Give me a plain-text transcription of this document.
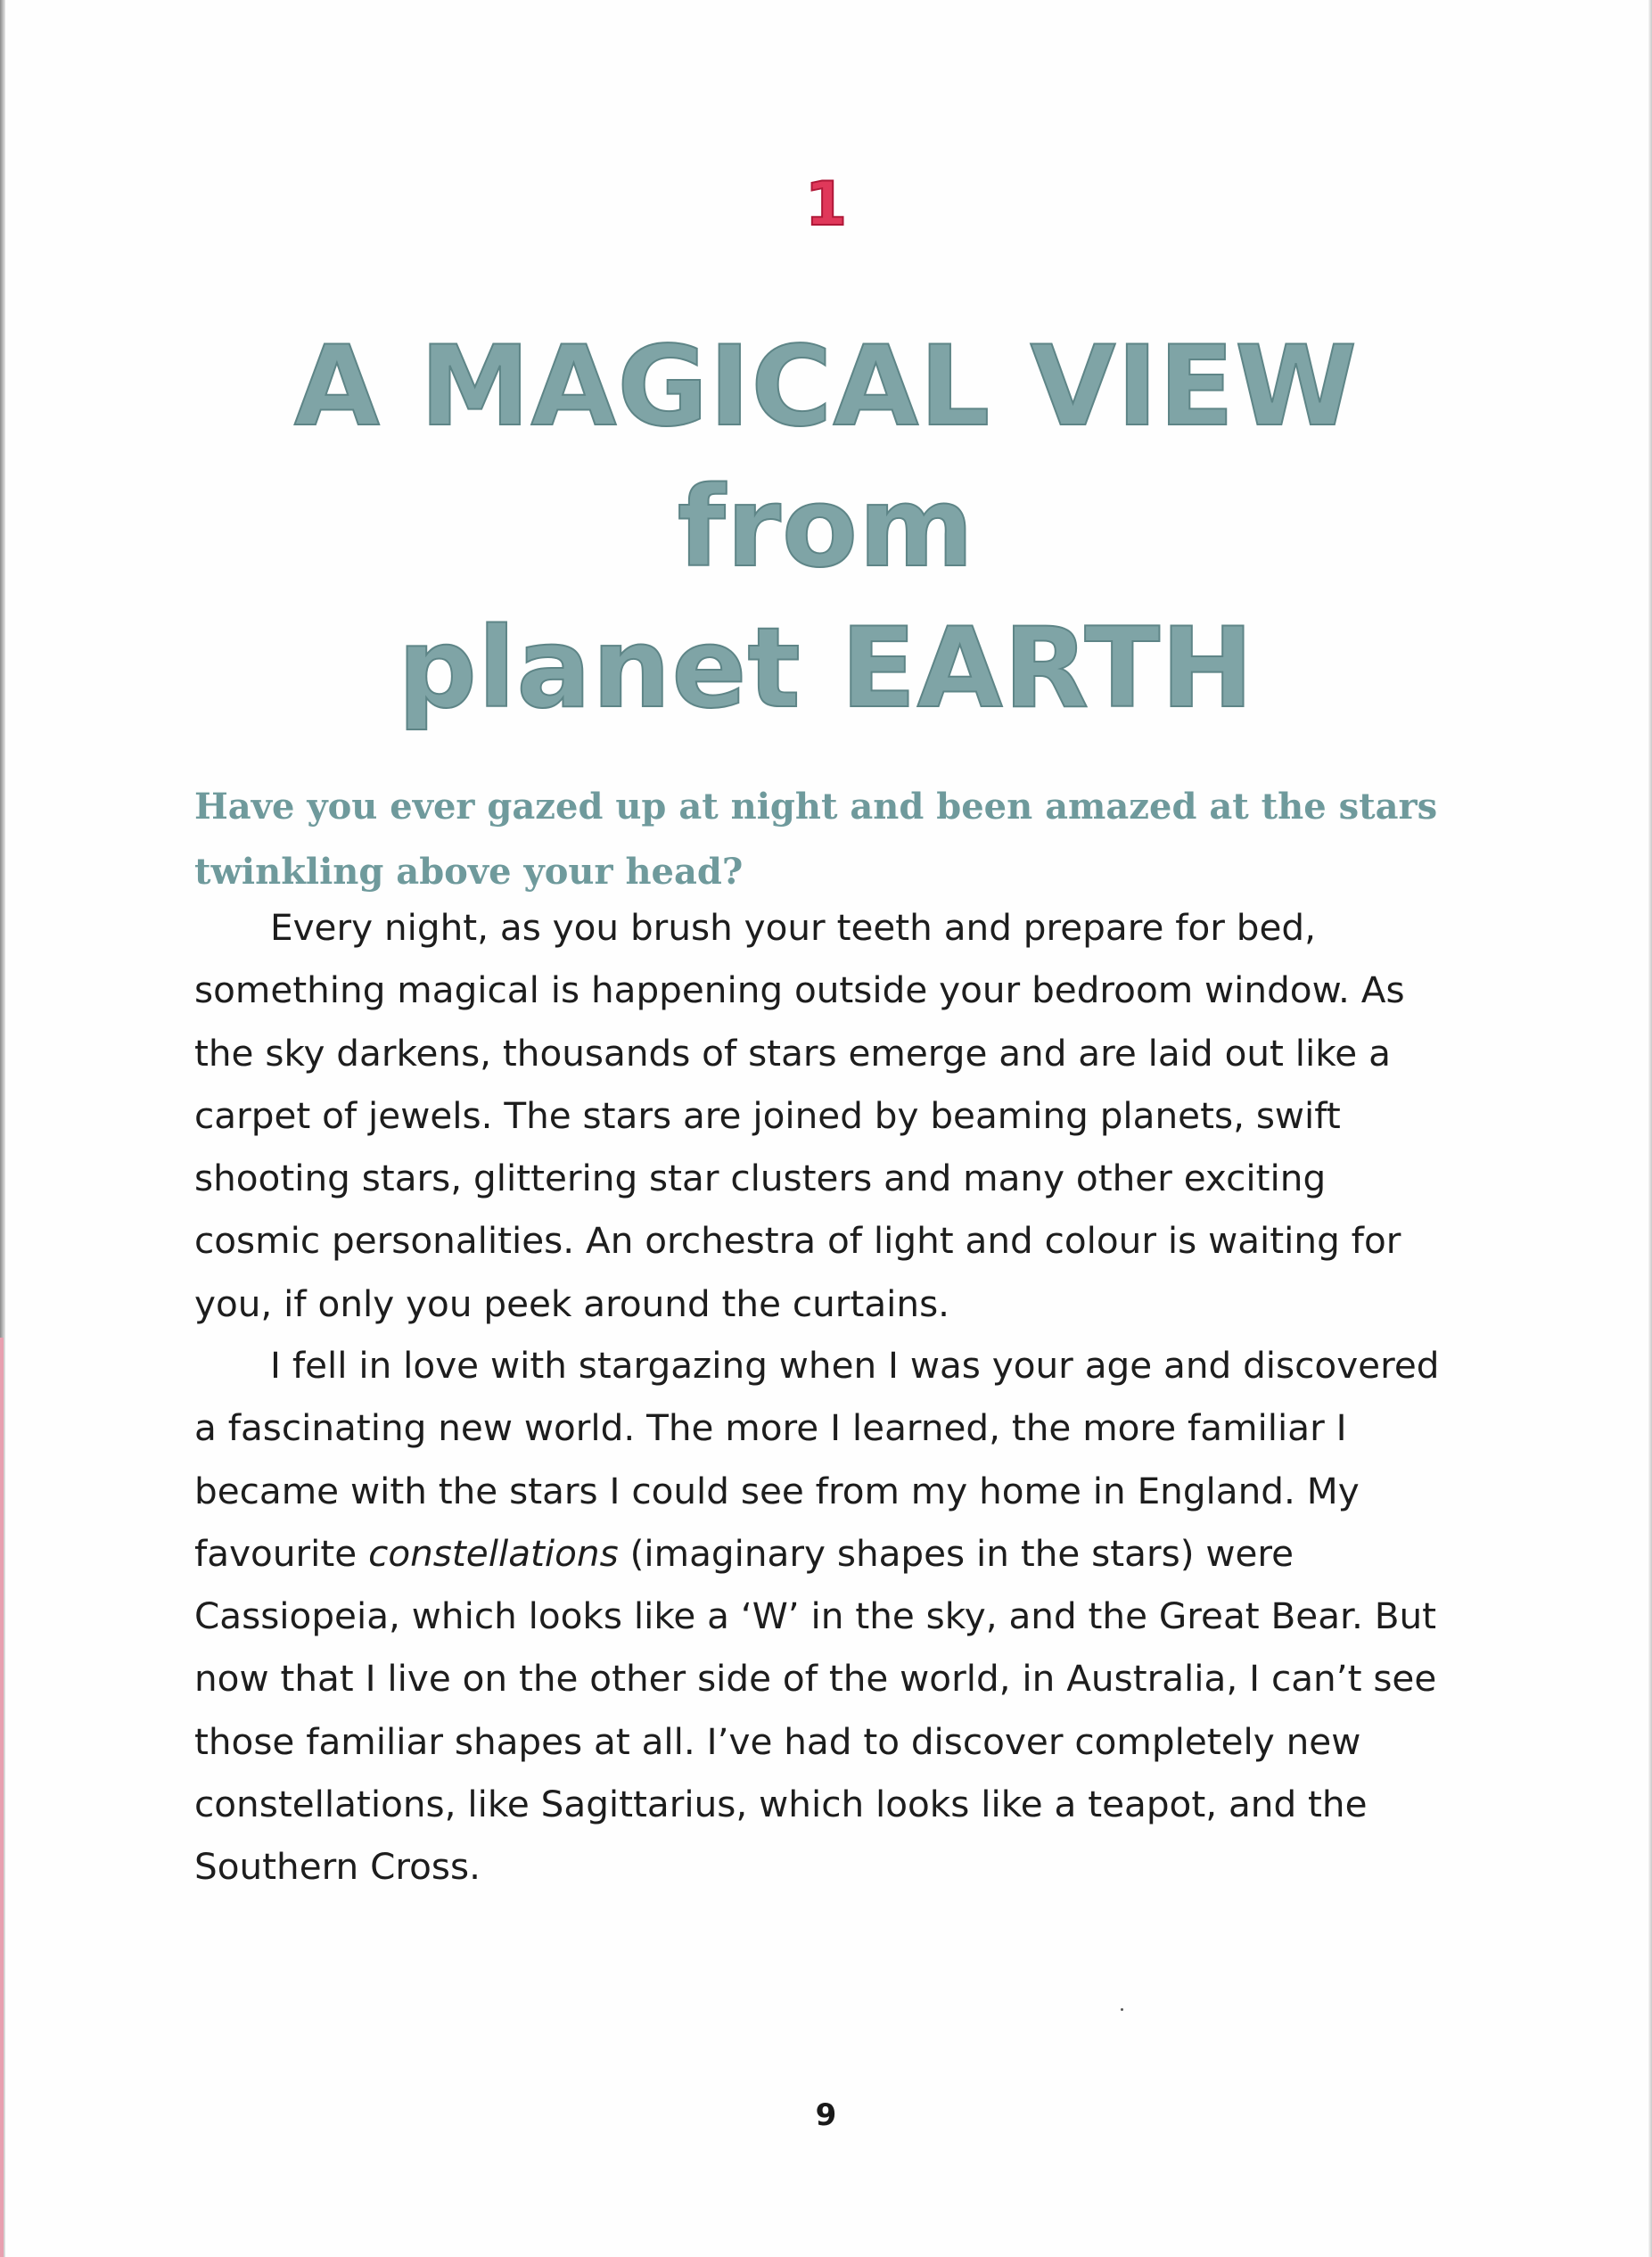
1
A MAGICAL VIEW from
planet EARTH

Have you ever gazed up at night and been amazed at the stars twinkling above your head?

Every night, as you brush your teeth and prepare for bed, something magical is happening outside your bedroom window. As the sky darkens, thousands of stars emerge and are laid out like a carpet of jewels. The stars are joined by beaming planets, swift shooting stars, glittering star clusters and many other exciting cosmic personalities. An orchestra of light and colour is waiting for you, if only you peek around the curtains.

I fell in love with stargazing when I was your age and discovered a fascinating new world. The more I learned, the more familiar I became with the stars I could see from my home in England. My favourite constellations (imaginary shapes in the stars) were Cassiopeia, which looks like a ‘W’ in the sky, and the Great Bear. But now that I live on the other side of the world, in Australia, I can’t see those familiar shapes at all. I’ve had to discover completely new constellations, like Sagittarius, which looks like a teapot, and the Southern Cross.

9
